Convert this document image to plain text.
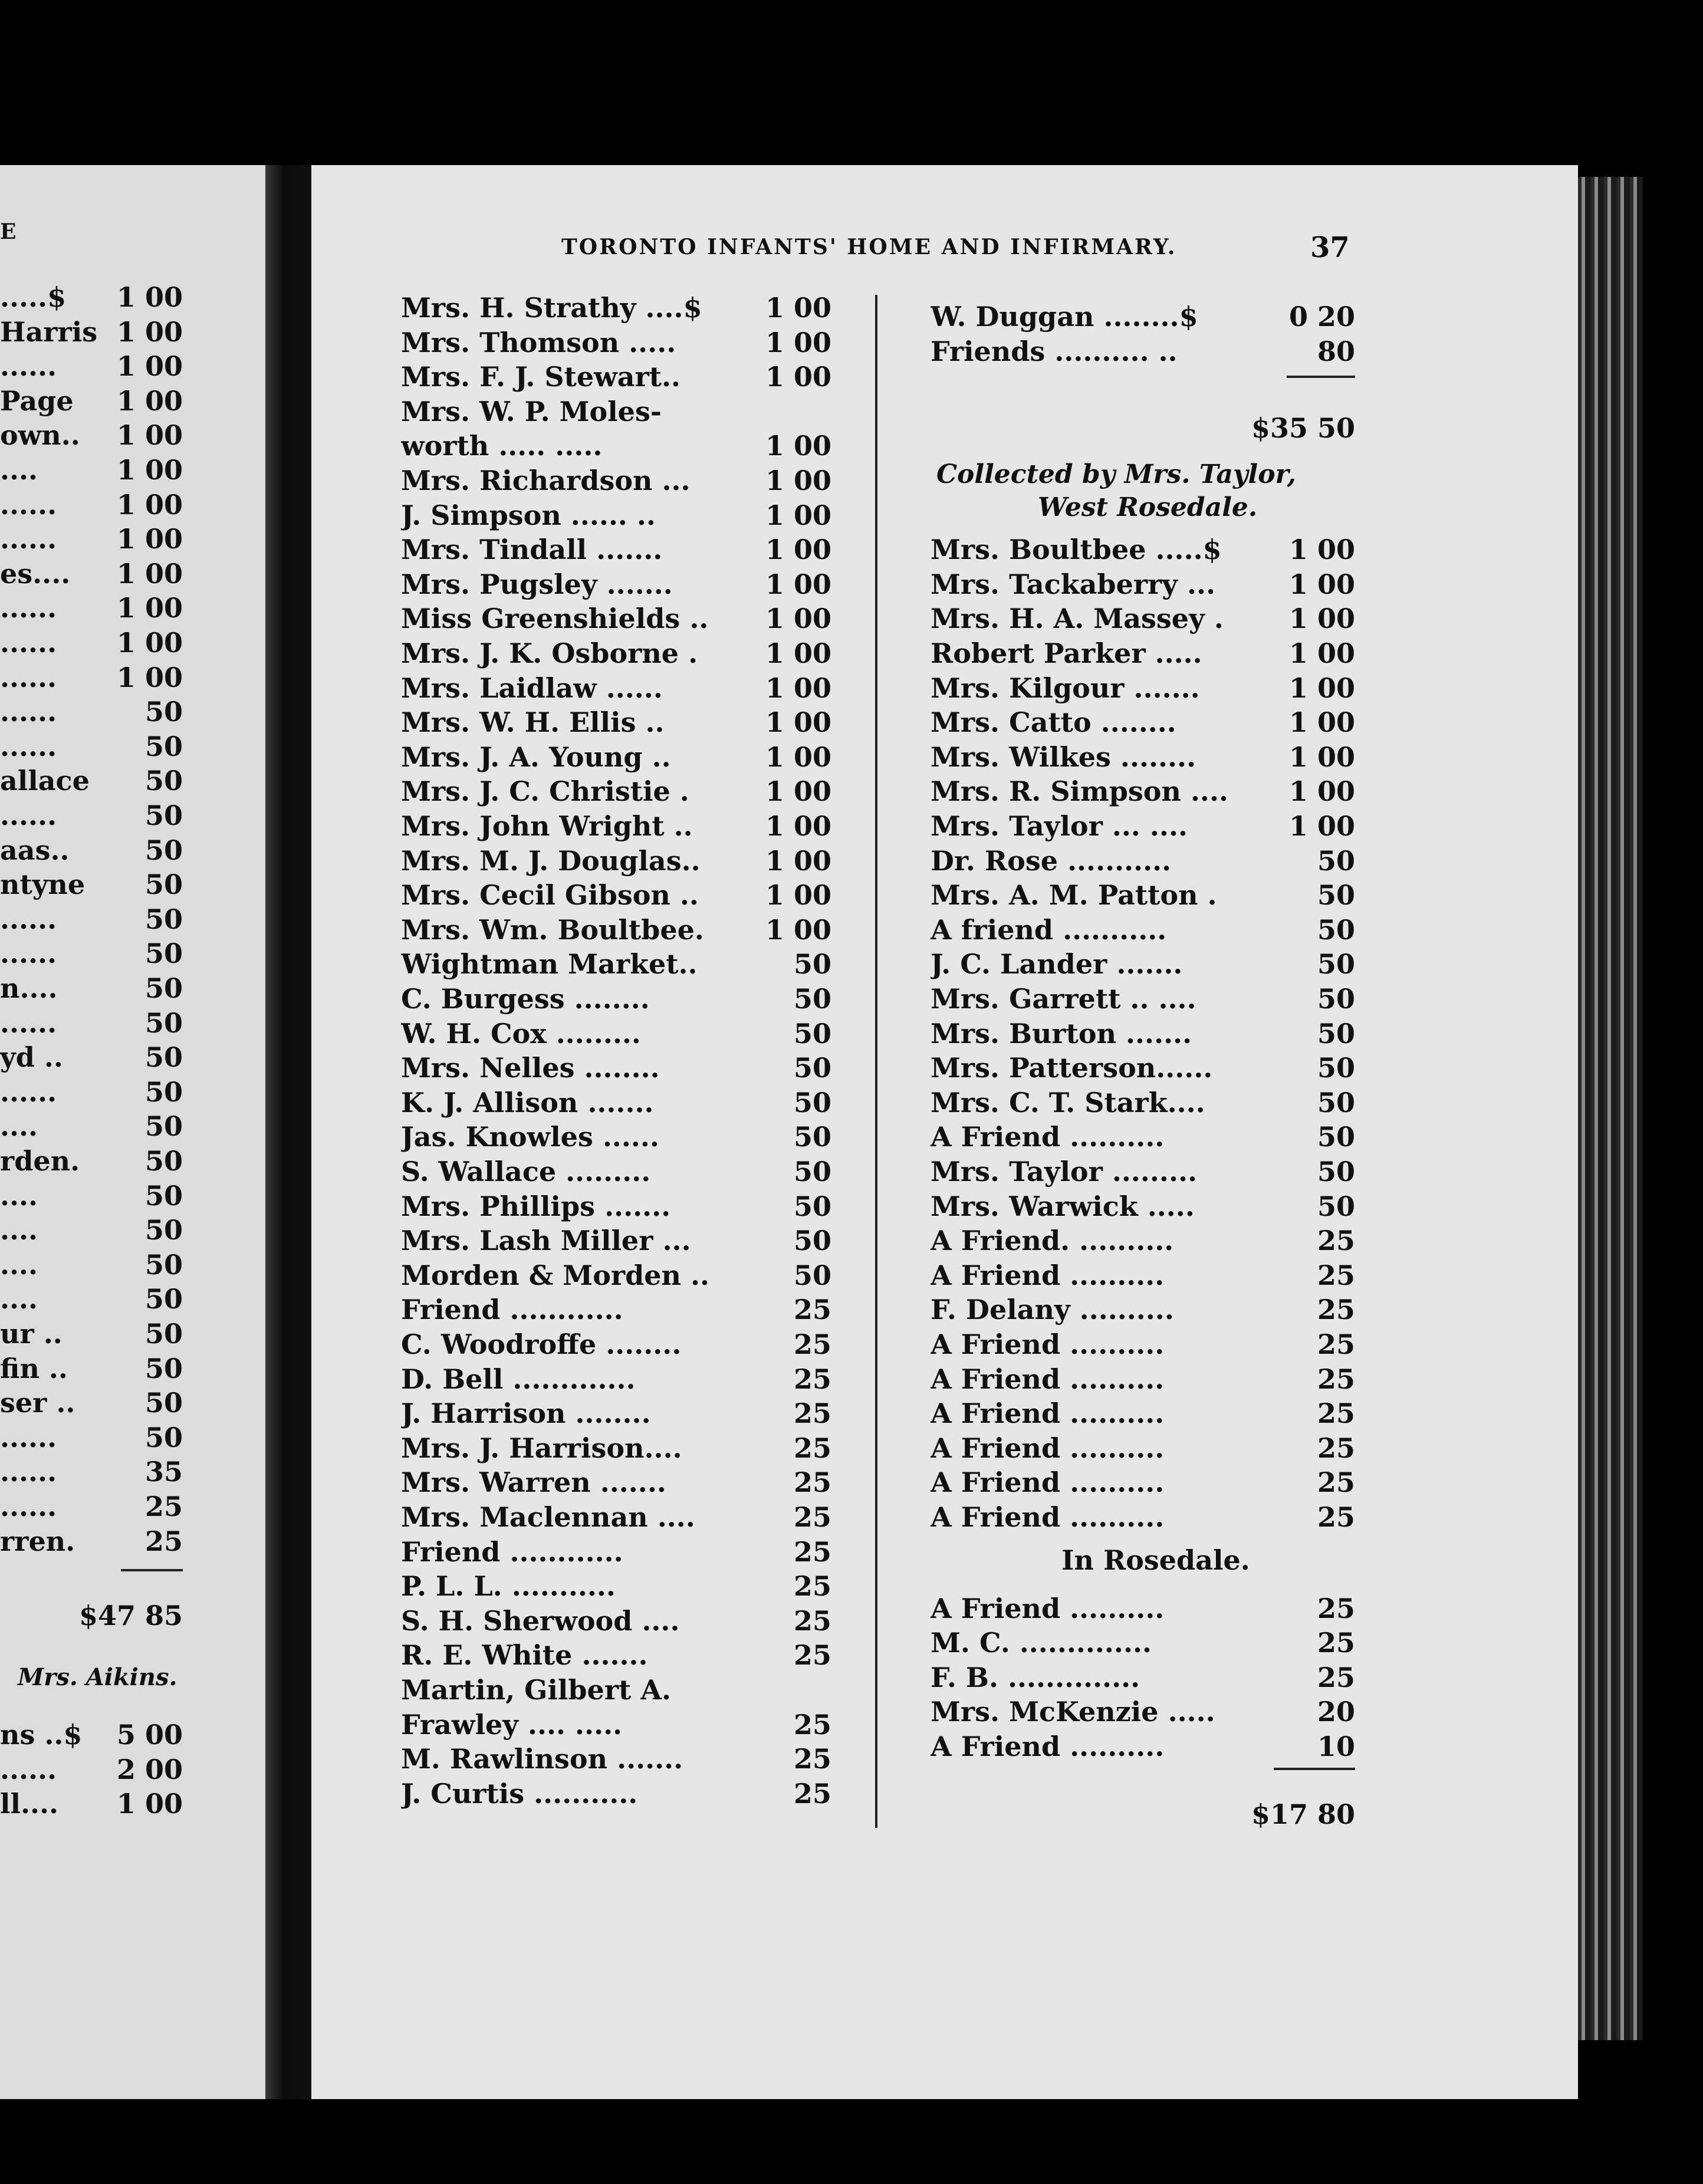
E
TORONTO INFANTS' HOME AND INFIRMARY.	37
.....$	1 00
Harris 1 00
......	1 00
Page	1 00
own..	1 00
....	1 00
......	1 00
......	1 00
es....	1 00
......	1 00
......	1 00
......	1 00
......	50
......	50
allace	50
......	50
aas..	50
ntyne	50
......	50
......	50
n....	50
......	50
yd ..	50
......	50
....	50
rden.	50
....	50
....	50
....	50
....	50
ur ..	50
fin ..	50
ser ..	50
......	50
......	35
......	25
rren.	25
$47 85
Mrs. Aikins.
ns ..$	5 00
......	2 00
ll....	1 00
Mrs. H. Strathy ....$	1 00
Mrs. Thomson .....	1 00
Mrs. F. J. Stewart..	1 00
Mrs. W. P. Moles-
worth ..... .....	1 00
Mrs. Richardson ...	1 00
J. Simpson ...... ..	1 00
Mrs. Tindall .......	1 00
Mrs. Pugsley .......	1 00
Miss Greenshields ..	1 00
Mrs. J. K. Osborne .	1 00
Mrs. Laidlaw ......	1 00
Mrs. W. H. Ellis ..	1 00
Mrs. J. A. Young ..	1 00
Mrs. J. C. Christie .	1 00
Mrs. John Wright ..	1 00
Mrs. M. J. Douglas..	1 00
Mrs. Cecil Gibson ..	1 00
Mrs. Wm. Boultbee.	1 00
Wightman Market..	50
C. Burgess ........	50
W. H. Cox .........	50
Mrs. Nelles ........	50
K. J. Allison .......	50
Jas. Knowles ......	50
S. Wallace .........	50
Mrs. Phillips .......	50
Mrs. Lash Miller ...	50
Morden & Morden ..	50
Friend ............	25
C. Woodroffe ........	25
D. Bell .............	25
J. Harrison ........	25
Mrs. J. Harrison....	25
Mrs. Warren .......	25
Mrs. Maclennan ....	25
Friend ............	25
P. L. L. ...........	25
S. H. Sherwood ....	25
R. E. White .......	25
Martin, Gilbert A.
Frawley .... .....	25
M. Rawlinson .......	25
J. Curtis ...........	25
W. Duggan ........$	0 20
Friends .......... ..	80
$35 50
Collected by Mrs. Taylor,
West Rosedale.
Mrs. Boultbee .....$	1 00
Mrs. Tackaberry ...	1 00
Mrs. H. A. Massey .	1 00
Robert Parker .....	1 00
Mrs. Kilgour .......	1 00
Mrs. Catto ........	1 00
Mrs. Wilkes ........	1 00
Mrs. R. Simpson ....	1 00
Mrs. Taylor ... ....	1 00
Dr. Rose ...........	50
Mrs. A. M. Patton .	50
A friend ...........	50
J. C. Lander .......	50
Mrs. Garrett .. ....	50
Mrs. Burton .......	50
Mrs. Patterson......	50
Mrs. C. T. Stark....	50
A Friend ..........	50
Mrs. Taylor .........	50
Mrs. Warwick .....	50
A Friend. ..........	25
A Friend ..........	25
F. Delany ..........	25
A Friend ..........	25
A Friend ..........	25
A Friend ..........	25
A Friend ..........	25
A Friend ..........	25
A Friend ..........	25
In Rosedale.
A Friend ..........	25
M. C. ..............	25
F. B. ..............	25
Mrs. McKenzie .....	20
A Friend ..........	10
$17 80
